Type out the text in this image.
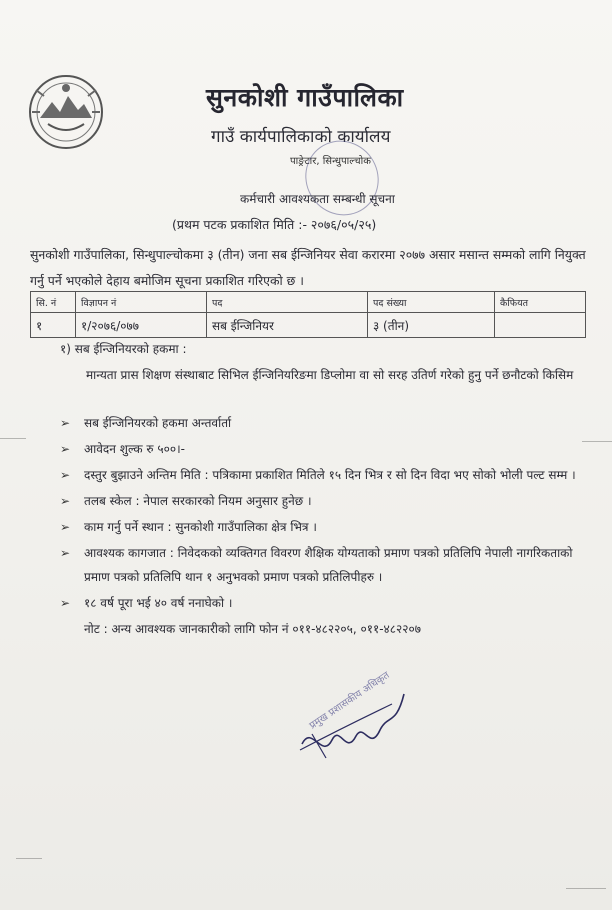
सुनकोशी गाउँपालिका
गाउँ कार्यपालिकाको कार्यालय
पाङ्रेटार, सिन्धुपाल्चोक
कर्मचारी आवश्यकता सम्बन्धी सूचना
(प्रथम पटक प्रकाशित मिति :- २०७६/०५/२५)
सुनकोशी गाउँपालिका, सिन्धुपाल्चोकमा ३ (तीन) जना सब ईन्जिनियर सेवा करारमा २०७७ असार मसान्त सम्मको लागि नियुक्त गर्नु पर्ने भएकोले देहाय बमोजिम सूचना प्रकाशित गरिएको छ ।
सि. नं	विज्ञापन नं	पद	पद संख्या	कैफियत
१	१/२०७६/०७७	सब ईन्जिनियर	३ (तीन)	
१) सब ईन्जिनियरको हकमा :
मान्यता प्रास शिक्षण संस्थाबाट सिभिल ईन्जिनियरिङमा डिप्लोमा वा सो सरह उतिर्ण गरेको हुनु पर्ने छनौटको किसिम
➢ सब ईन्जिनियरको हकमा अन्तर्वार्ता
➢ आवेदन शुल्क रु ५००।-
➢ दस्तुर बुझाउने अन्तिम मिति : पत्रिकामा प्रकाशित मितिले १५ दिन भित्र र सो दिन विदा भए सोको भोली पल्ट सम्म ।
➢ तलब स्केल : नेपाल सरकारको नियम अनुसार हुनेछ ।
➢ काम गर्नु पर्ने स्थान : सुनकोशी गाउँपालिका क्षेत्र भित्र ।
➢ आवश्यक कागजात : निवेदकको व्यक्तिगत विवरण शैक्षिक योग्यताको प्रमाण पत्रको प्रतिलिपि नेपाली नागरिकताको प्रमाण पत्रको प्रतिलिपि थान १ अनुभवको प्रमाण पत्रको प्रतिलिपीहरु ।
➢ १८ वर्ष पूरा भई ४० वर्ष ननाघेको ।
नोट : अन्य आवश्यक जानकारीको लागि फोन नं ०११-४८२२०५, ०११-४८२२०७
प्रमुख प्रशासकीय अधिकृत
